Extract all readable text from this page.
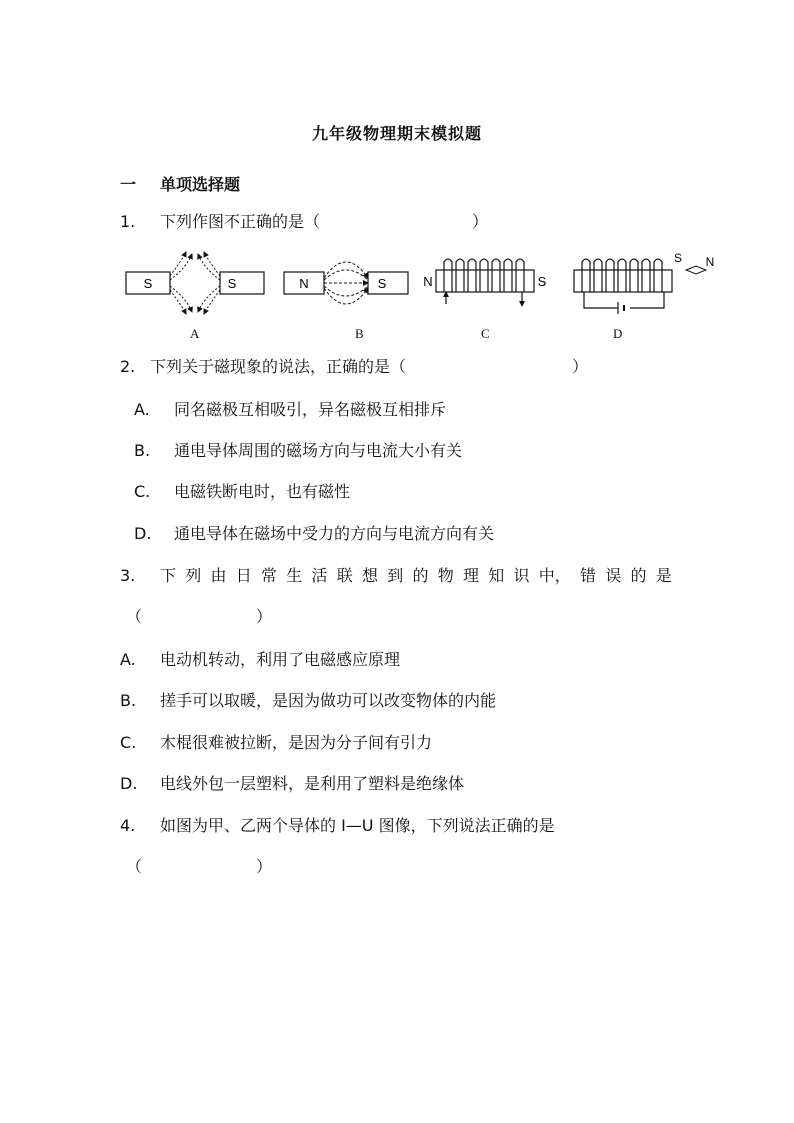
九年级物理期末模拟题
一 单项选择题
1. 下列作图不正确的是（	）
S	S	N	S	N	S
S N
A	B	C	D
2. 下列关于磁现象的说法，正确的是（	）
A. 同名磁极互相吸引，异名磁极互相排斥
B. 通电导体周围的磁场方向与电流大小有关
C. 电磁铁断电时，也有磁性
D. 通电导体在磁场中受力的方向与电流方向有关
3. 下 列 由 日 常 生 活 联 想 到 的 物 理 知 识 中， 错 误 的 是
（	）
A. 电动机转动，利用了电磁感应原理
B. 搓手可以取暖，是因为做功可以改变物体的内能
C. 木棍很难被拉断，是因为分子间有引力
D. 电线外包一层塑料，是利用了塑料是绝缘体
4. 如图为甲、乙两个导体的 I—U 图像，下列说法正确的是
（	）
